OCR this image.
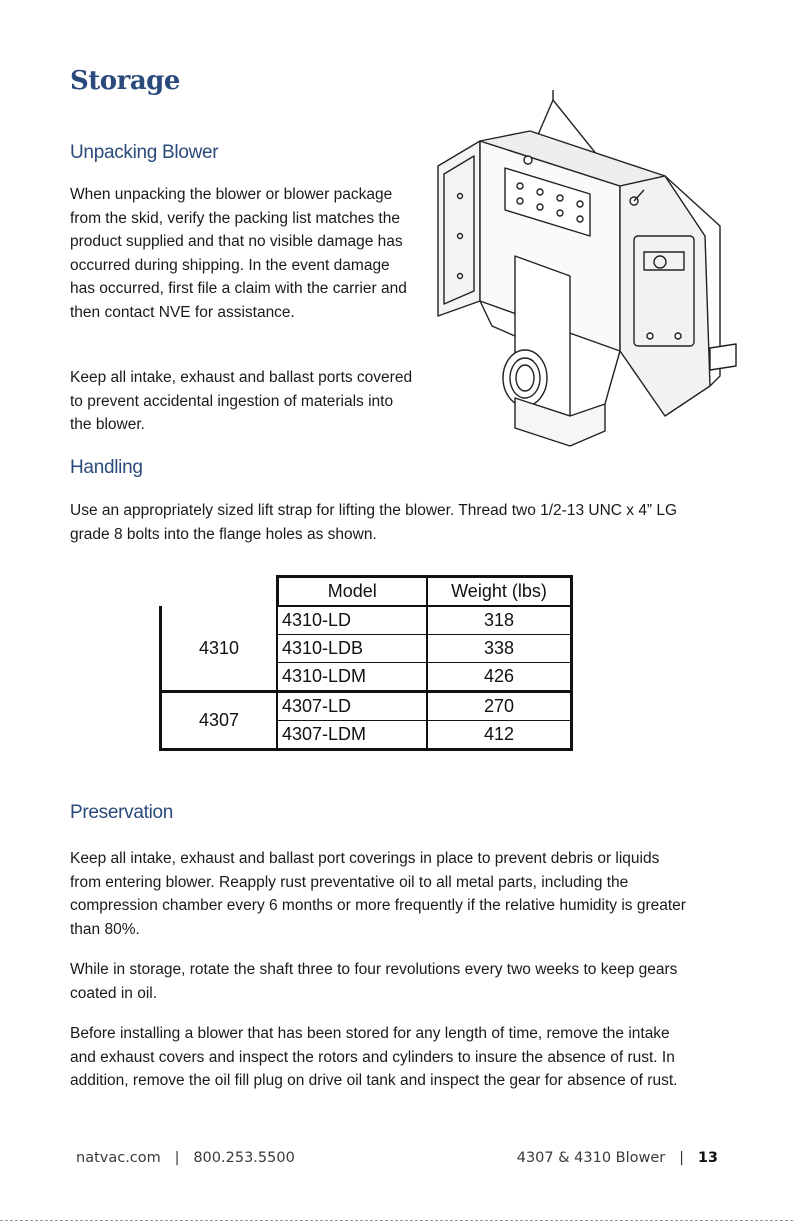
Storage
Unpacking Blower

When unpacking the blower or blower package from the skid, verify the packing list matches the product supplied and that no visible damage has occurred during shipping. In the event damage has occurred, first file a claim with the carrier and then contact NVE for assistance.

Keep all intake, exhaust and ballast ports covered to prevent accidental ingestion of materials into the blower.

Handling

Use an appropriately sized lift strap for lifting the blower. Thread two 1/2-13 UNC x 4” LG grade 8 bolts into the flange holes as shown.

	Model	Weight (lbs)
4310	4310-LD	318
	4310-LDB	338
	4310-LDM	426
4307	4307-LD	270
	4307-LDM	412
Preservation

Keep all intake, exhaust and ballast port coverings in place to prevent debris or liquids from entering blower. Reapply rust preventative oil to all metal parts, including the compression chamber every 6 months or more frequently if the relative humidity is greater than 80%.

While in storage, rotate the shaft three to four revolutions every two weeks to keep gears coated in oil.

Before installing a blower that has been stored for any length of time, remove the intake and exhaust covers and inspect the rotors and cylinders to insure the absence of rust. In addition, remove the oil fill plug on drive oil tank and inspect the gear for absence of rust.

natvac.com   |   800.253.5500	4307 & 4310 Blower   |   13
